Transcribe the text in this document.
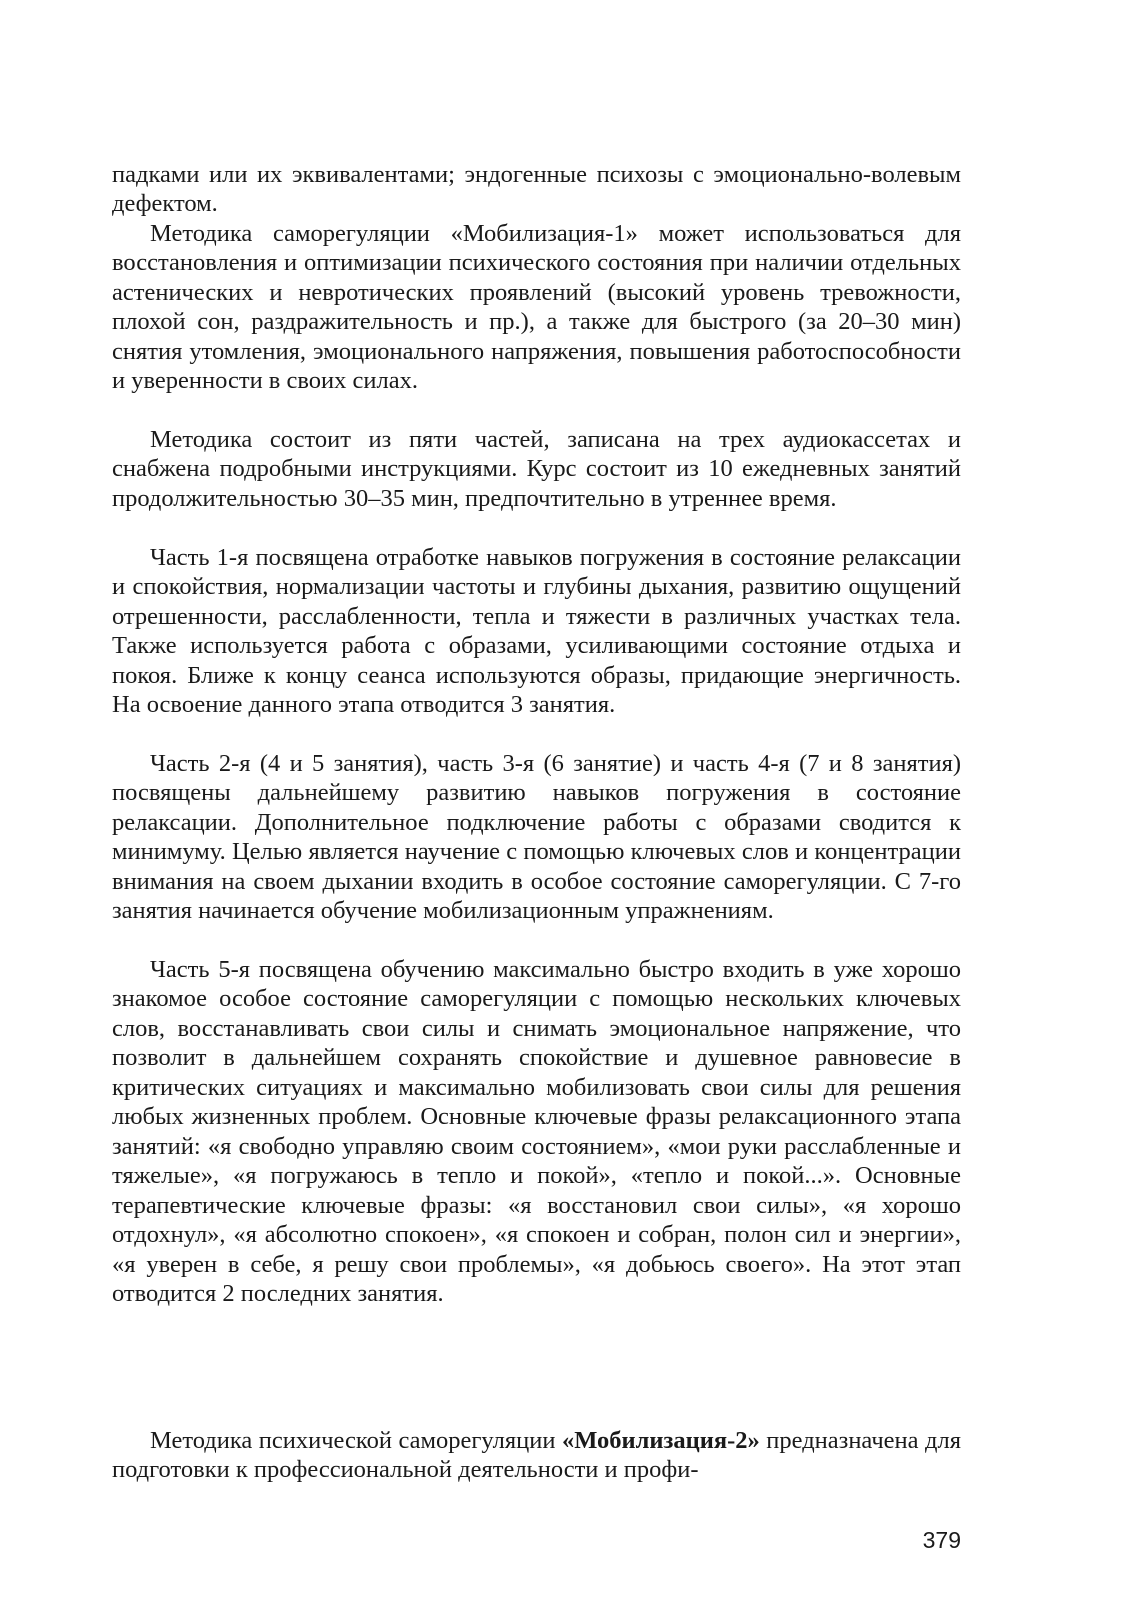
падками или их эквивалентами; эндогенные психозы с эмоционально-волевым дефектом.

Методика саморегуляции «Мобилизация-1» может использоваться для восстановления и оптимизации психического состояния при наличии отдельных астенических и невротических проявлений (высокий уровень тревожности, плохой сон, раздражительность и пр.), а также для быстрого (за 20–30 мин) снятия утомления, эмоционального напряжения, повышения работоспособности и уверенности в своих силах.

Методика состоит из пяти частей, записана на трех аудиокассетах и снабжена подробными инструкциями. Курс состоит из 10 ежедневных занятий продолжительностью 30–35 мин, предпочтительно в утреннее время.

Часть 1-я посвящена отработке навыков погружения в состояние релаксации и спокойствия, нормализации частоты и глубины дыхания, развитию ощущений отрешенности, расслабленности, тепла и тяжести в различных участках тела. Также используется работа с образами, усиливающими состояние отдыха и покоя. Ближе к концу сеанса используются образы, придающие энергичность. На освоение данного этапа отводится 3 занятия.

Часть 2-я (4 и 5 занятия), часть 3-я (6 занятие) и часть 4-я (7 и 8 занятия) посвящены дальнейшему развитию навыков погружения в состояние релаксации. Дополнительное подключение работы с образами сводится к минимуму. Целью является научение с помощью ключевых слов и концентрации внимания на своем дыхании входить в особое состояние саморегуляции. С 7-го занятия начинается обучение мобилизационным упражнениям.

Часть 5-я посвящена обучению максимально быстро входить в уже хорошо знакомое особое состояние саморегуляции с помощью нескольких ключевых слов, восстанавливать свои силы и снимать эмоциональное напряжение, что позволит в дальнейшем сохранять спокойствие и душевное равновесие в критических ситуациях и максимально мобилизовать свои силы для решения любых жизненных проблем. Основные ключевые фразы релаксационного этапа занятий: «я свободно управляю своим состоянием», «мои руки расслабленные и тяжелые», «я погружаюсь в тепло и покой», «тепло и покой...». Основные терапевтические ключевые фразы: «я восстановил свои силы», «я хорошо отдохнул», «я абсолютно спокоен», «я спокоен и собран, полон сил и энергии», «я уверен в себе, я решу свои проблемы», «я добьюсь своего». На этот этап отводится 2 последних занятия.

Методика психической саморегуляции «Мобилизация-2» предназначена для подготовки к профессиональной деятельности и профи-

379
